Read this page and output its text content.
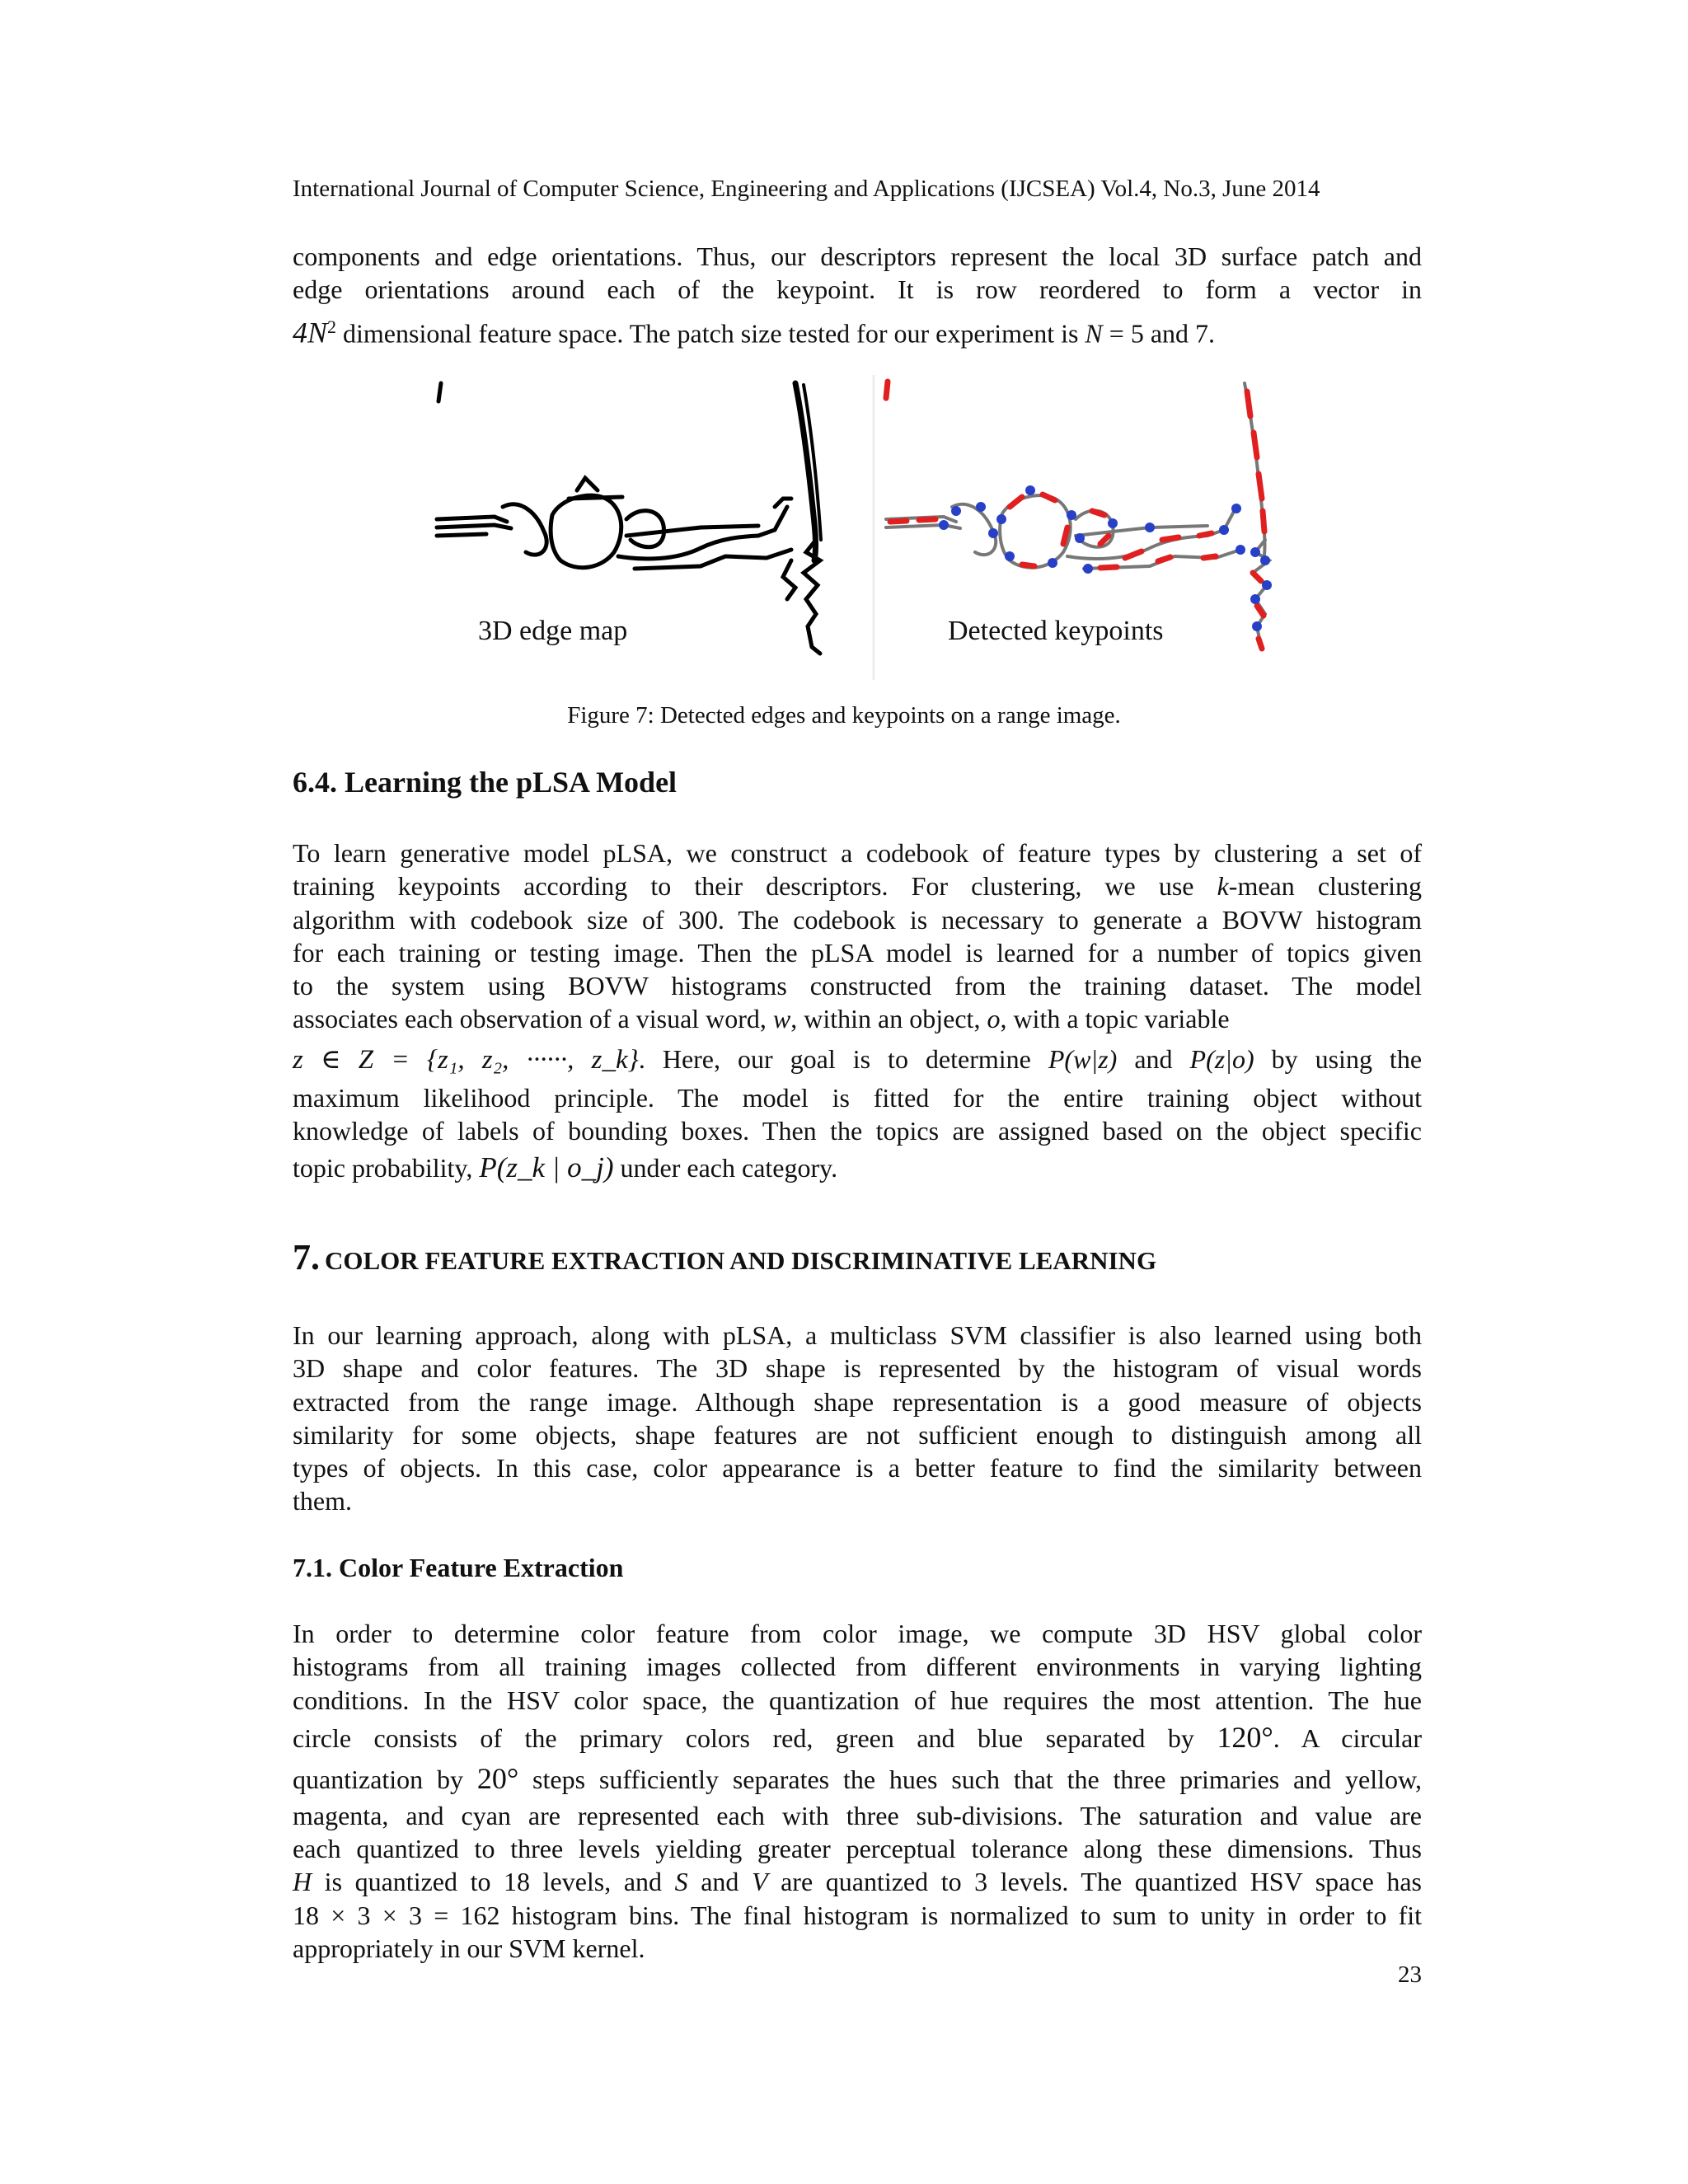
International Journal of Computer Science, Engineering and Applications (IJCSEA) Vol.4, No.3, June 2014

components and edge orientations. Thus, our descriptors represent the local 3D surface patch and

edge orientations around each of the keypoint. It is row reordered to form a vector in

$4N^2$ dimensional feature space. The patch size tested for our experiment is N = 5 and 7.

3D edge map	Detected keypoints
Figure 7: Detected edges and keypoints on a range image.
6.4. Learning the pLSA Model

To learn generative model pLSA, we construct a codebook of feature types by clustering a set of

training keypoints according to their descriptors. For clustering, we use k-mean clustering

algorithm with codebook size of 300. The codebook is necessary to generate a BOVW histogram

for each training or testing image. Then the pLSA model is learned for a number of topics given

to the system using BOVW histograms constructed from the training dataset. The model

associates each observation of a visual word, w, within an object, o, with a topic variable

z ∈ Z = {z₁, z₂, ······, z_k}. Here, our goal is to determine P(w|z) and P(z|o) by using the

maximum likelihood principle. The model is fitted for the entire training object without

knowledge of labels of bounding boxes. Then the topics are assigned based on the object specific

topic probability, P(z_k | o_j) under each category.

7. COLOR FEATURE EXTRACTION AND DISCRIMINATIVE LEARNING

In our learning approach, along with pLSA, a multiclass SVM classifier is also learned using both

3D shape and color features. The 3D shape is represented by the histogram of visual words

extracted from the range image. Although shape representation is a good measure of objects

similarity for some objects, shape features are not sufficient enough to distinguish among all

types of objects. In this case, color appearance is a better feature to find the similarity between

them.

7.1. Color Feature Extraction

In order to determine color feature from color image, we compute 3D HSV global color

histograms from all training images collected from different environments in varying lighting

conditions. In the HSV color space, the quantization of hue requires the most attention. The hue

circle consists of the primary colors red, green and blue separated by 120°. A circular

quantization by 20° steps sufficiently separates the hues such that the three primaries and yellow,

magenta, and cyan are represented each with three sub-divisions. The saturation and value are

each quantized to three levels yielding greater perceptual tolerance along these dimensions. Thus

H is quantized to 18 levels, and S and V are quantized to 3 levels. The quantized HSV space has

18 × 3 × 3 = 162 histogram bins. The final histogram is normalized to sum to unity in order to fit

appropriately in our SVM kernel.

23
